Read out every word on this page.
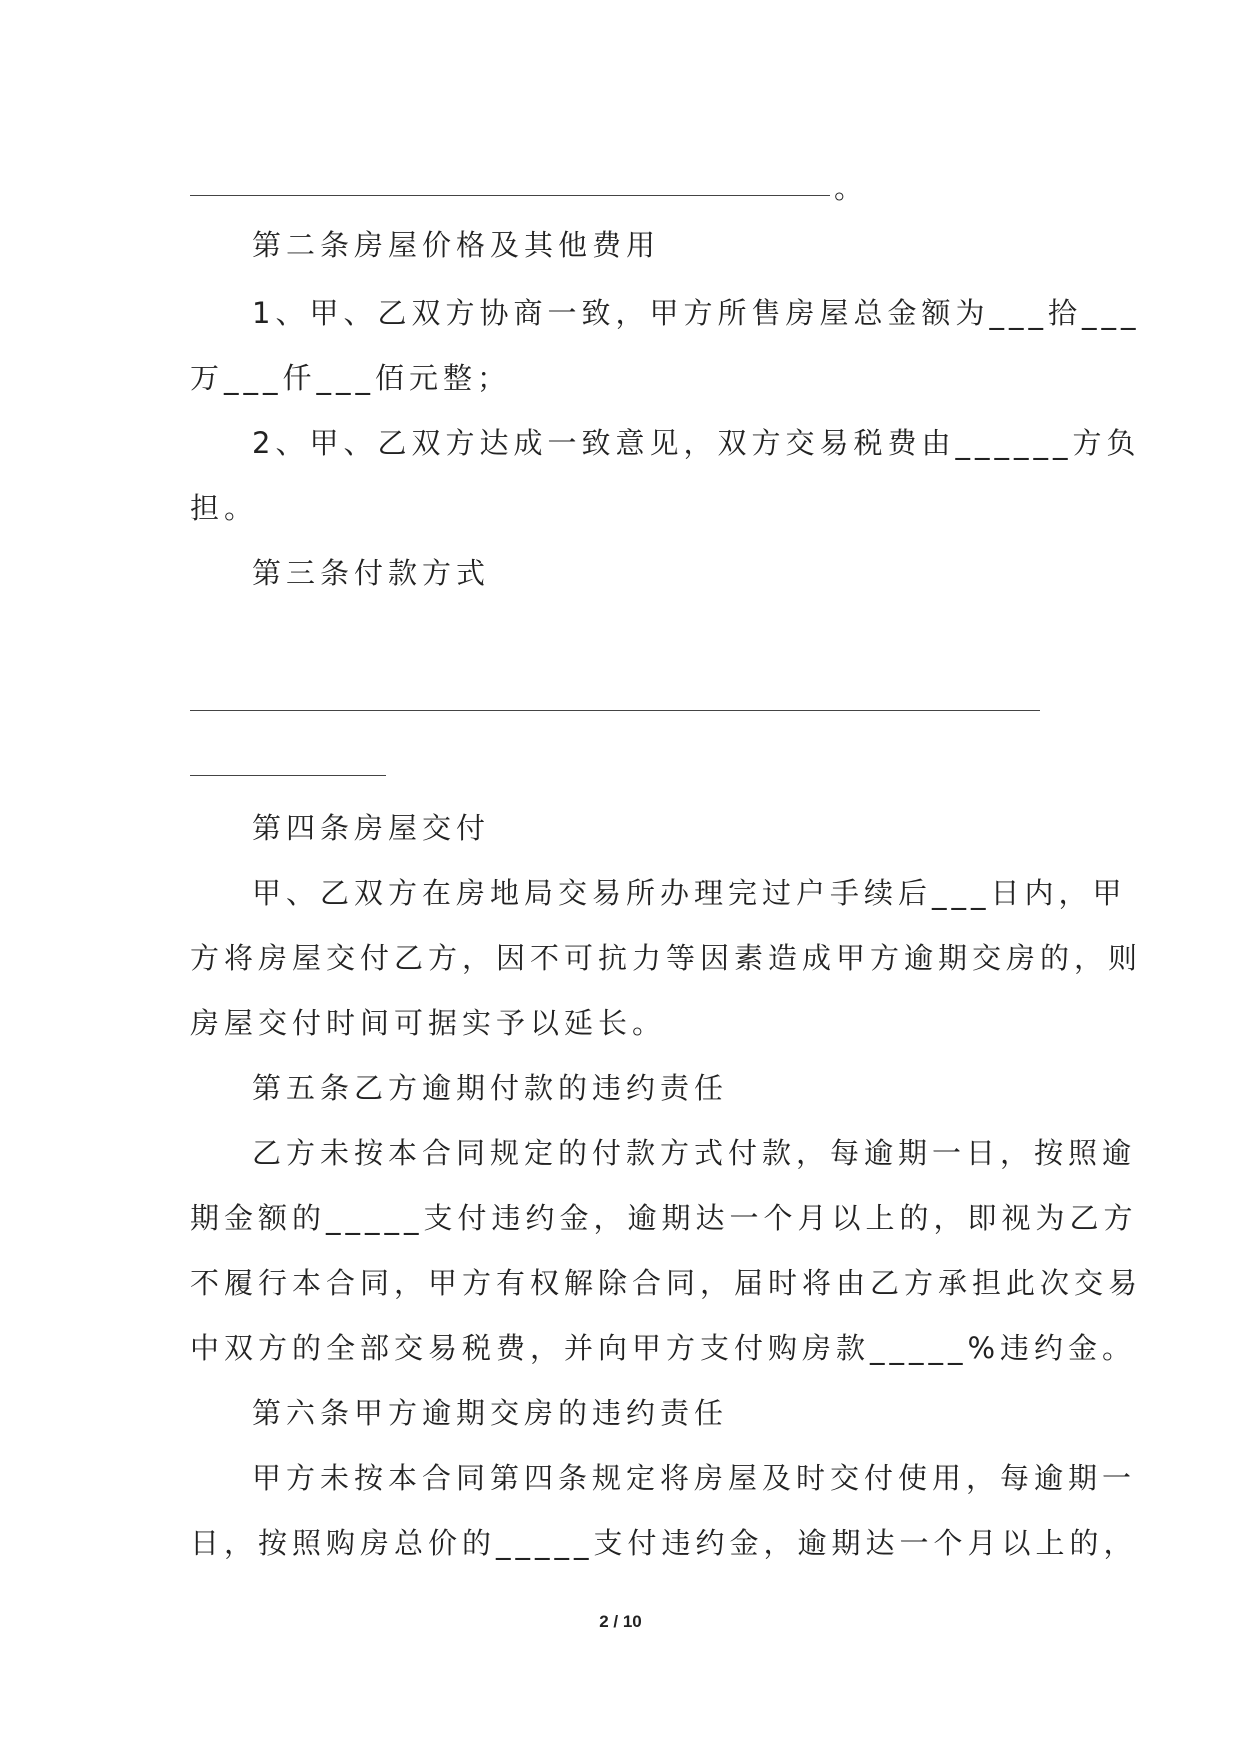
。
第二条房屋价格及其他费用
1、甲、乙双方协商一致，甲方所售房屋总金额为___拾___
万___仟___佰元整；
2、甲、乙双方达成一致意见，双方交易税费由______方负
担。
第三条付款方式
第四条房屋交付
甲、乙双方在房地局交易所办理完过户手续后___日内，甲
方将房屋交付乙方，因不可抗力等因素造成甲方逾期交房的，则
房屋交付时间可据实予以延长。
第五条乙方逾期付款的违约责任
乙方未按本合同规定的付款方式付款，每逾期一日，按照逾
期金额的_____支付违约金，逾期达一个月以上的，即视为乙方
不履行本合同，甲方有权解除合同，届时将由乙方承担此次交易
中双方的全部交易税费，并向甲方支付购房款_____%违约金。
第六条甲方逾期交房的违约责任
甲方未按本合同第四条规定将房屋及时交付使用，每逾期一
日，按照购房总价的_____支付违约金，逾期达一个月以上的，
2 / 10
